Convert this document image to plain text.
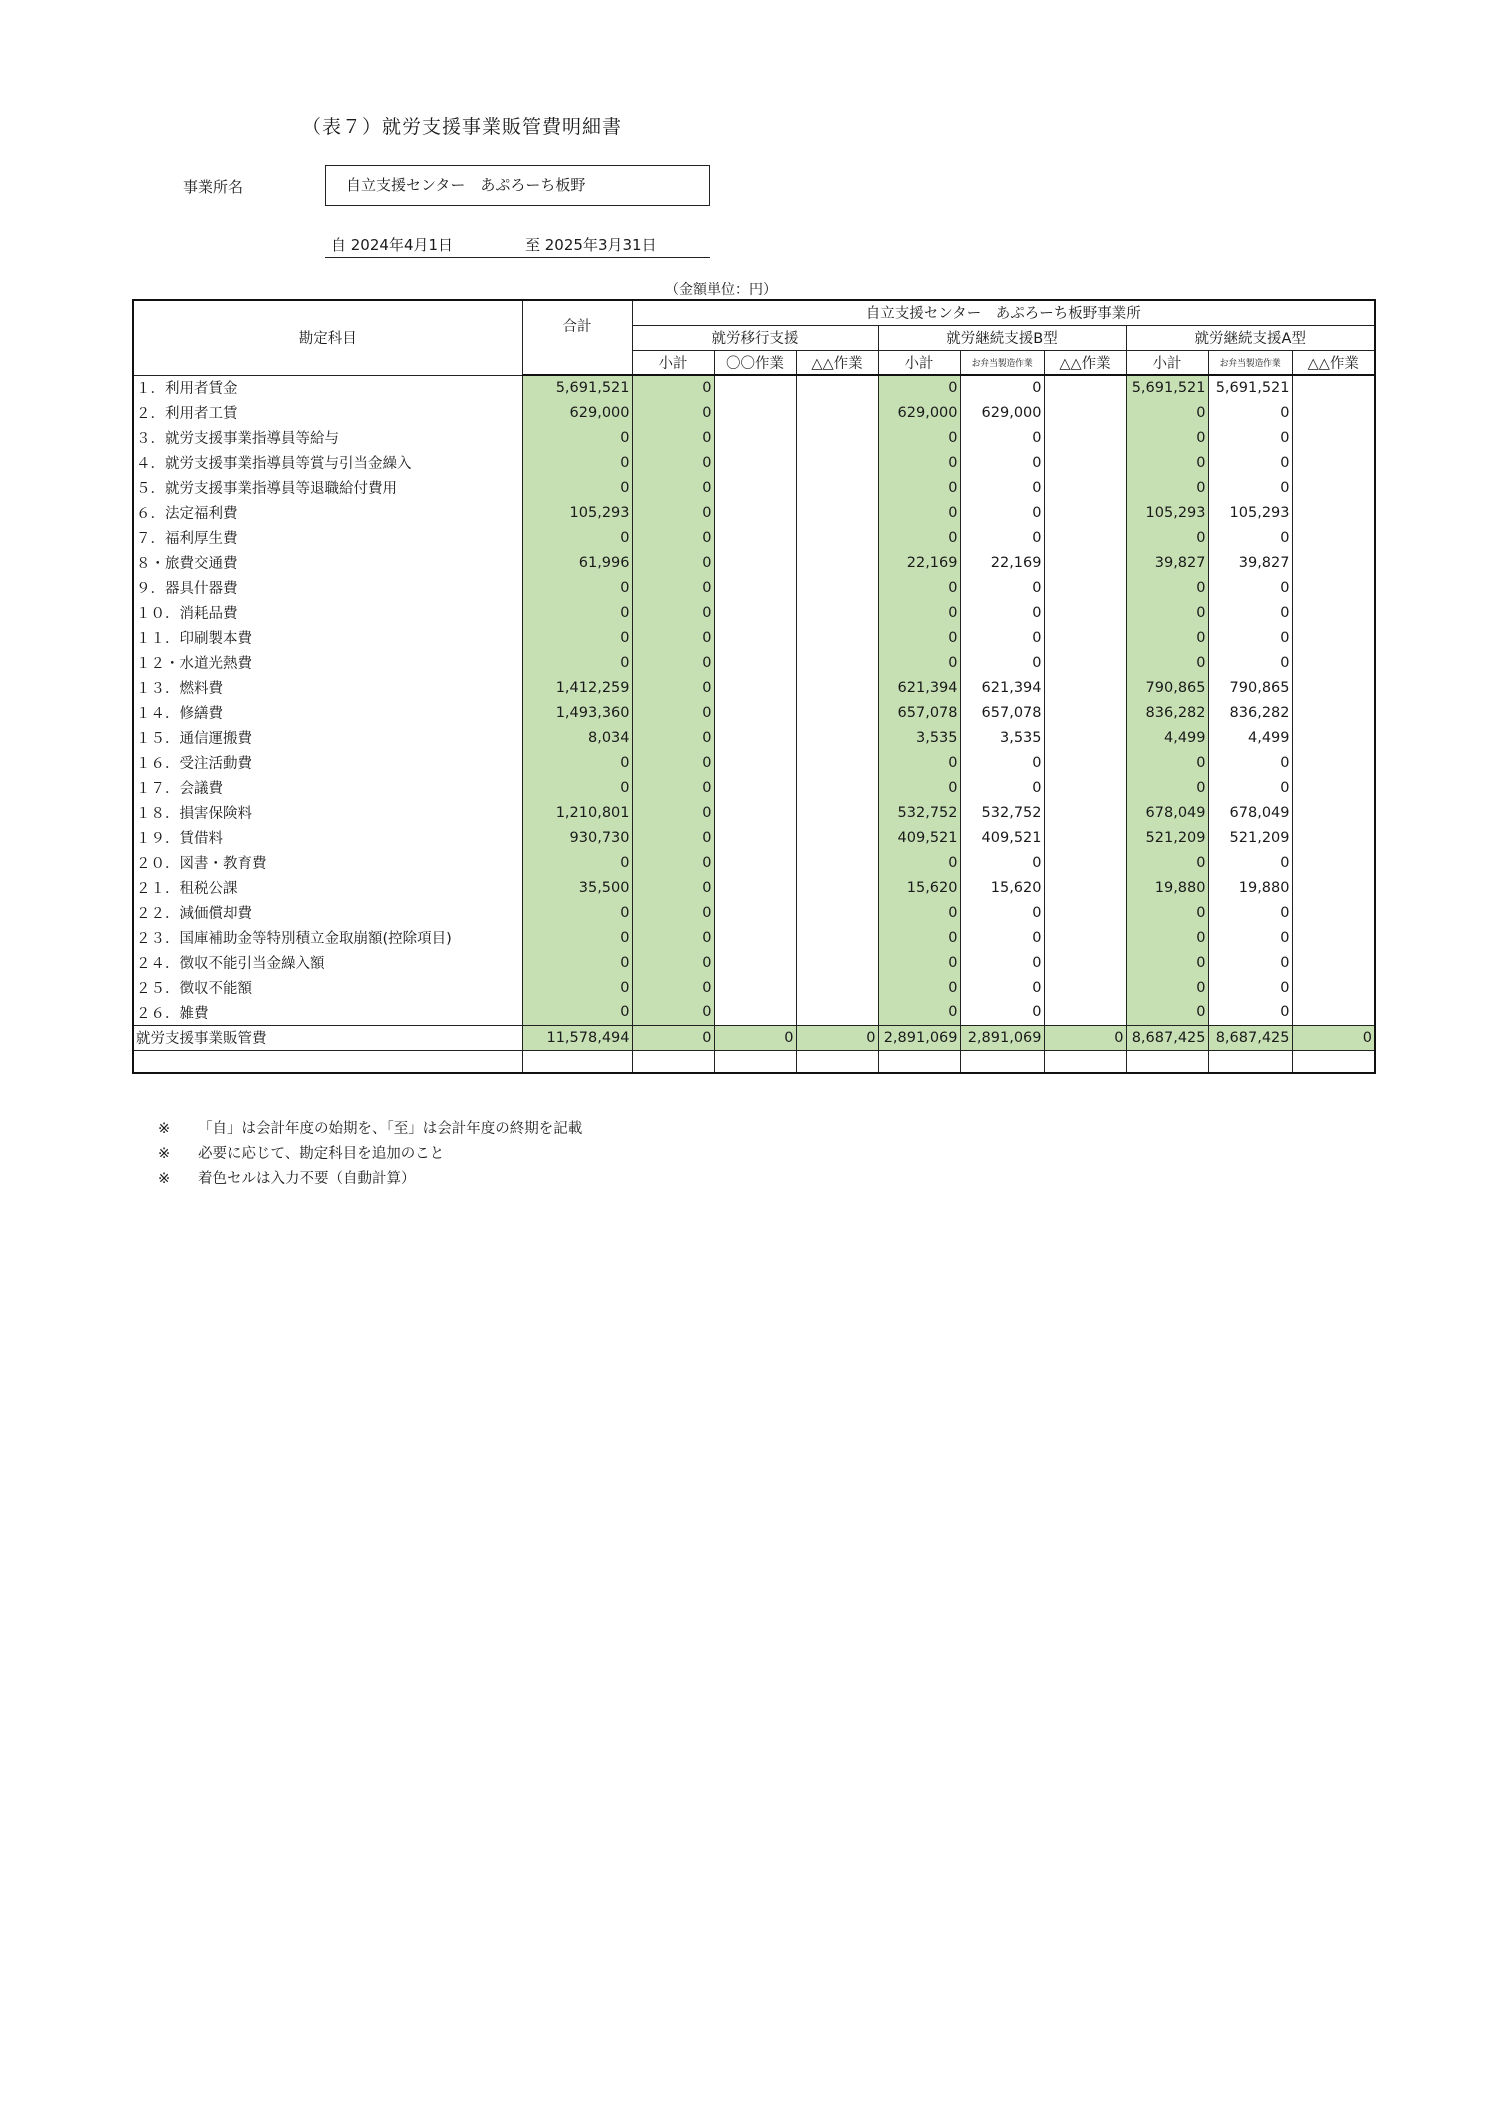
（表７）就労支援事業販管費明細書
事業所名	自立支援センター　あぷろーち板野
自 2024年4月1日	至 2025年3月31日
（金額単位：円）
勘定科目	合計	自立支援センター　あぷろーち板野事業所								
		就労移行支援			就労継続支援B型			就労継続支援A型		
		小計	〇〇作業	△△作業	小計	お弁当製造作業	△△作業	小計	お弁当製造作業	△△作業
１．利用者賃金	5,691,521	0			0	0		5,691,521	5,691,521	
２．利用者工賃	629,000	0			629,000	629,000		0	0	
３．就労支援事業指導員等給与	0	0			0	0		0	0	
４．就労支援事業指導員等賞与引当金繰入	0	0			0	0		0	0	
５．就労支援事業指導員等退職給付費用	0	0			0	0		0	0	
６．法定福利費	105,293	0			0	0		105,293	105,293	
７．福利厚生費	0	0			0	0		0	0	
８・旅費交通費	61,996	0			22,169	22,169		39,827	39,827	
９．器具什器費	0	0			0	0		0	0	
１０．消耗品費	0	0			0	0		0	0	
１１．印刷製本費	0	0			0	0		0	0	
１２・水道光熱費	0	0			0	0		0	0	
１３．燃料費	1,412,259	0			621,394	621,394		790,865	790,865	
１４．修繕費	1,493,360	0			657,078	657,078		836,282	836,282	
１５．通信運搬費	8,034	0			3,535	3,535		4,499	4,499	
１６．受注活動費	0	0			0	0		0	0	
１７．会議費	0	0			0	0		0	0	
１８．損害保険料	1,210,801	0			532,752	532,752		678,049	678,049	
１９．賃借料	930,730	0			409,521	409,521		521,209	521,209	
２０．図書・教育費	0	0			0	0		0	0	
２１．租税公課	35,500	0			15,620	15,620		19,880	19,880	
２２．減価償却費	0	0			0	0		0	0	
２３．国庫補助金等特別積立金取崩額(控除項目)	0	0			0	0		0	0	
２４．徴収不能引当金繰入額	0	0			0	0		0	0	
２５．徴収不能額	0	0			0	0		0	0	
２６．雑費	0	0			0	0		0	0	
就労支援事業販管費	11,578,494	0	0	0	2,891,069	2,891,069	0	8,687,425	8,687,425	0

※ 「自」は会計年度の始期を、「至」は会計年度の終期を記載
※ 必要に応じて、勘定科目を追加のこと
※ 着色セルは入力不要（自動計算）
